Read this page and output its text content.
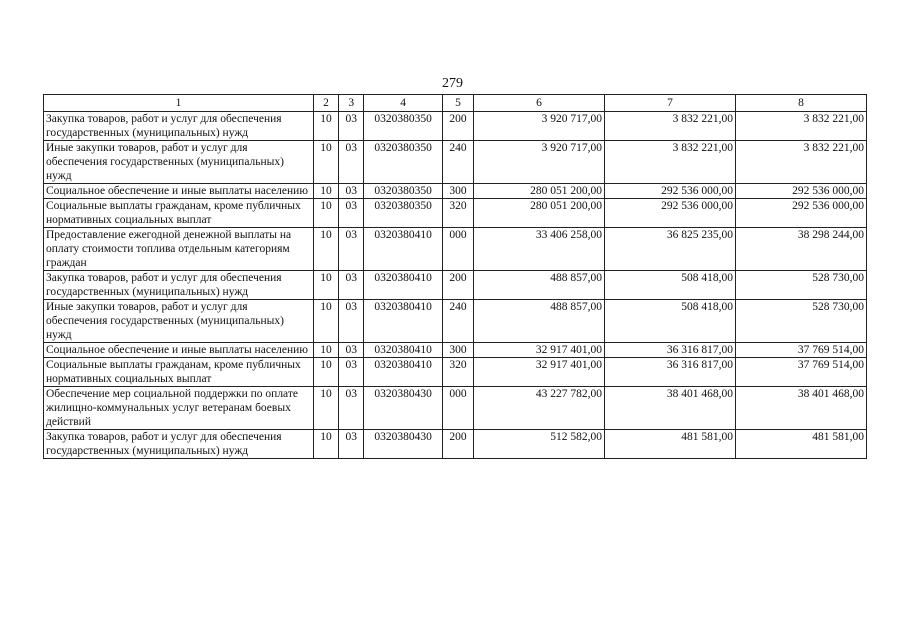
279
1	2	3	4	5	6	7	8
Закупка товаров, работ и услуг для обеспечения государственных (муниципальных) нужд	10	03	0320380350	200	3 920 717,00	3 832 221,00	3 832 221,00
Иные закупки товаров, работ и услуг для обеспечения государственных (муниципальных) нужд	10	03	0320380350	240	3 920 717,00	3 832 221,00	3 832 221,00
Социальное обеспечение и иные выплаты населению	10	03	0320380350	300	280 051 200,00	292 536 000,00	292 536 000,00
Социальные выплаты гражданам, кроме публичных нормативных социальных выплат	10	03	0320380350	320	280 051 200,00	292 536 000,00	292 536 000,00
Предоставление ежегодной денежной выплаты на оплату стоимости топлива отдельным категориям граждан	10	03	0320380410	000	33 406 258,00	36 825 235,00	38 298 244,00
Закупка товаров, работ и услуг для обеспечения государственных (муниципальных) нужд	10	03	0320380410	200	488 857,00	508 418,00	528 730,00
Иные закупки товаров, работ и услуг для обеспечения государственных (муниципальных) нужд	10	03	0320380410	240	488 857,00	508 418,00	528 730,00
Социальное обеспечение и иные выплаты населению	10	03	0320380410	300	32 917 401,00	36 316 817,00	37 769 514,00
Социальные выплаты гражданам, кроме публичных нормативных социальных выплат	10	03	0320380410	320	32 917 401,00	36 316 817,00	37 769 514,00
Обеспечение мер социальной поддержки по оплате жилищно-коммунальных услуг ветеранам боевых действий	10	03	0320380430	000	43 227 782,00	38 401 468,00	38 401 468,00
Закупка товаров, работ и услуг для обеспечения государственных (муниципальных) нужд	10	03	0320380430	200	512 582,00	481 581,00	481 581,00
